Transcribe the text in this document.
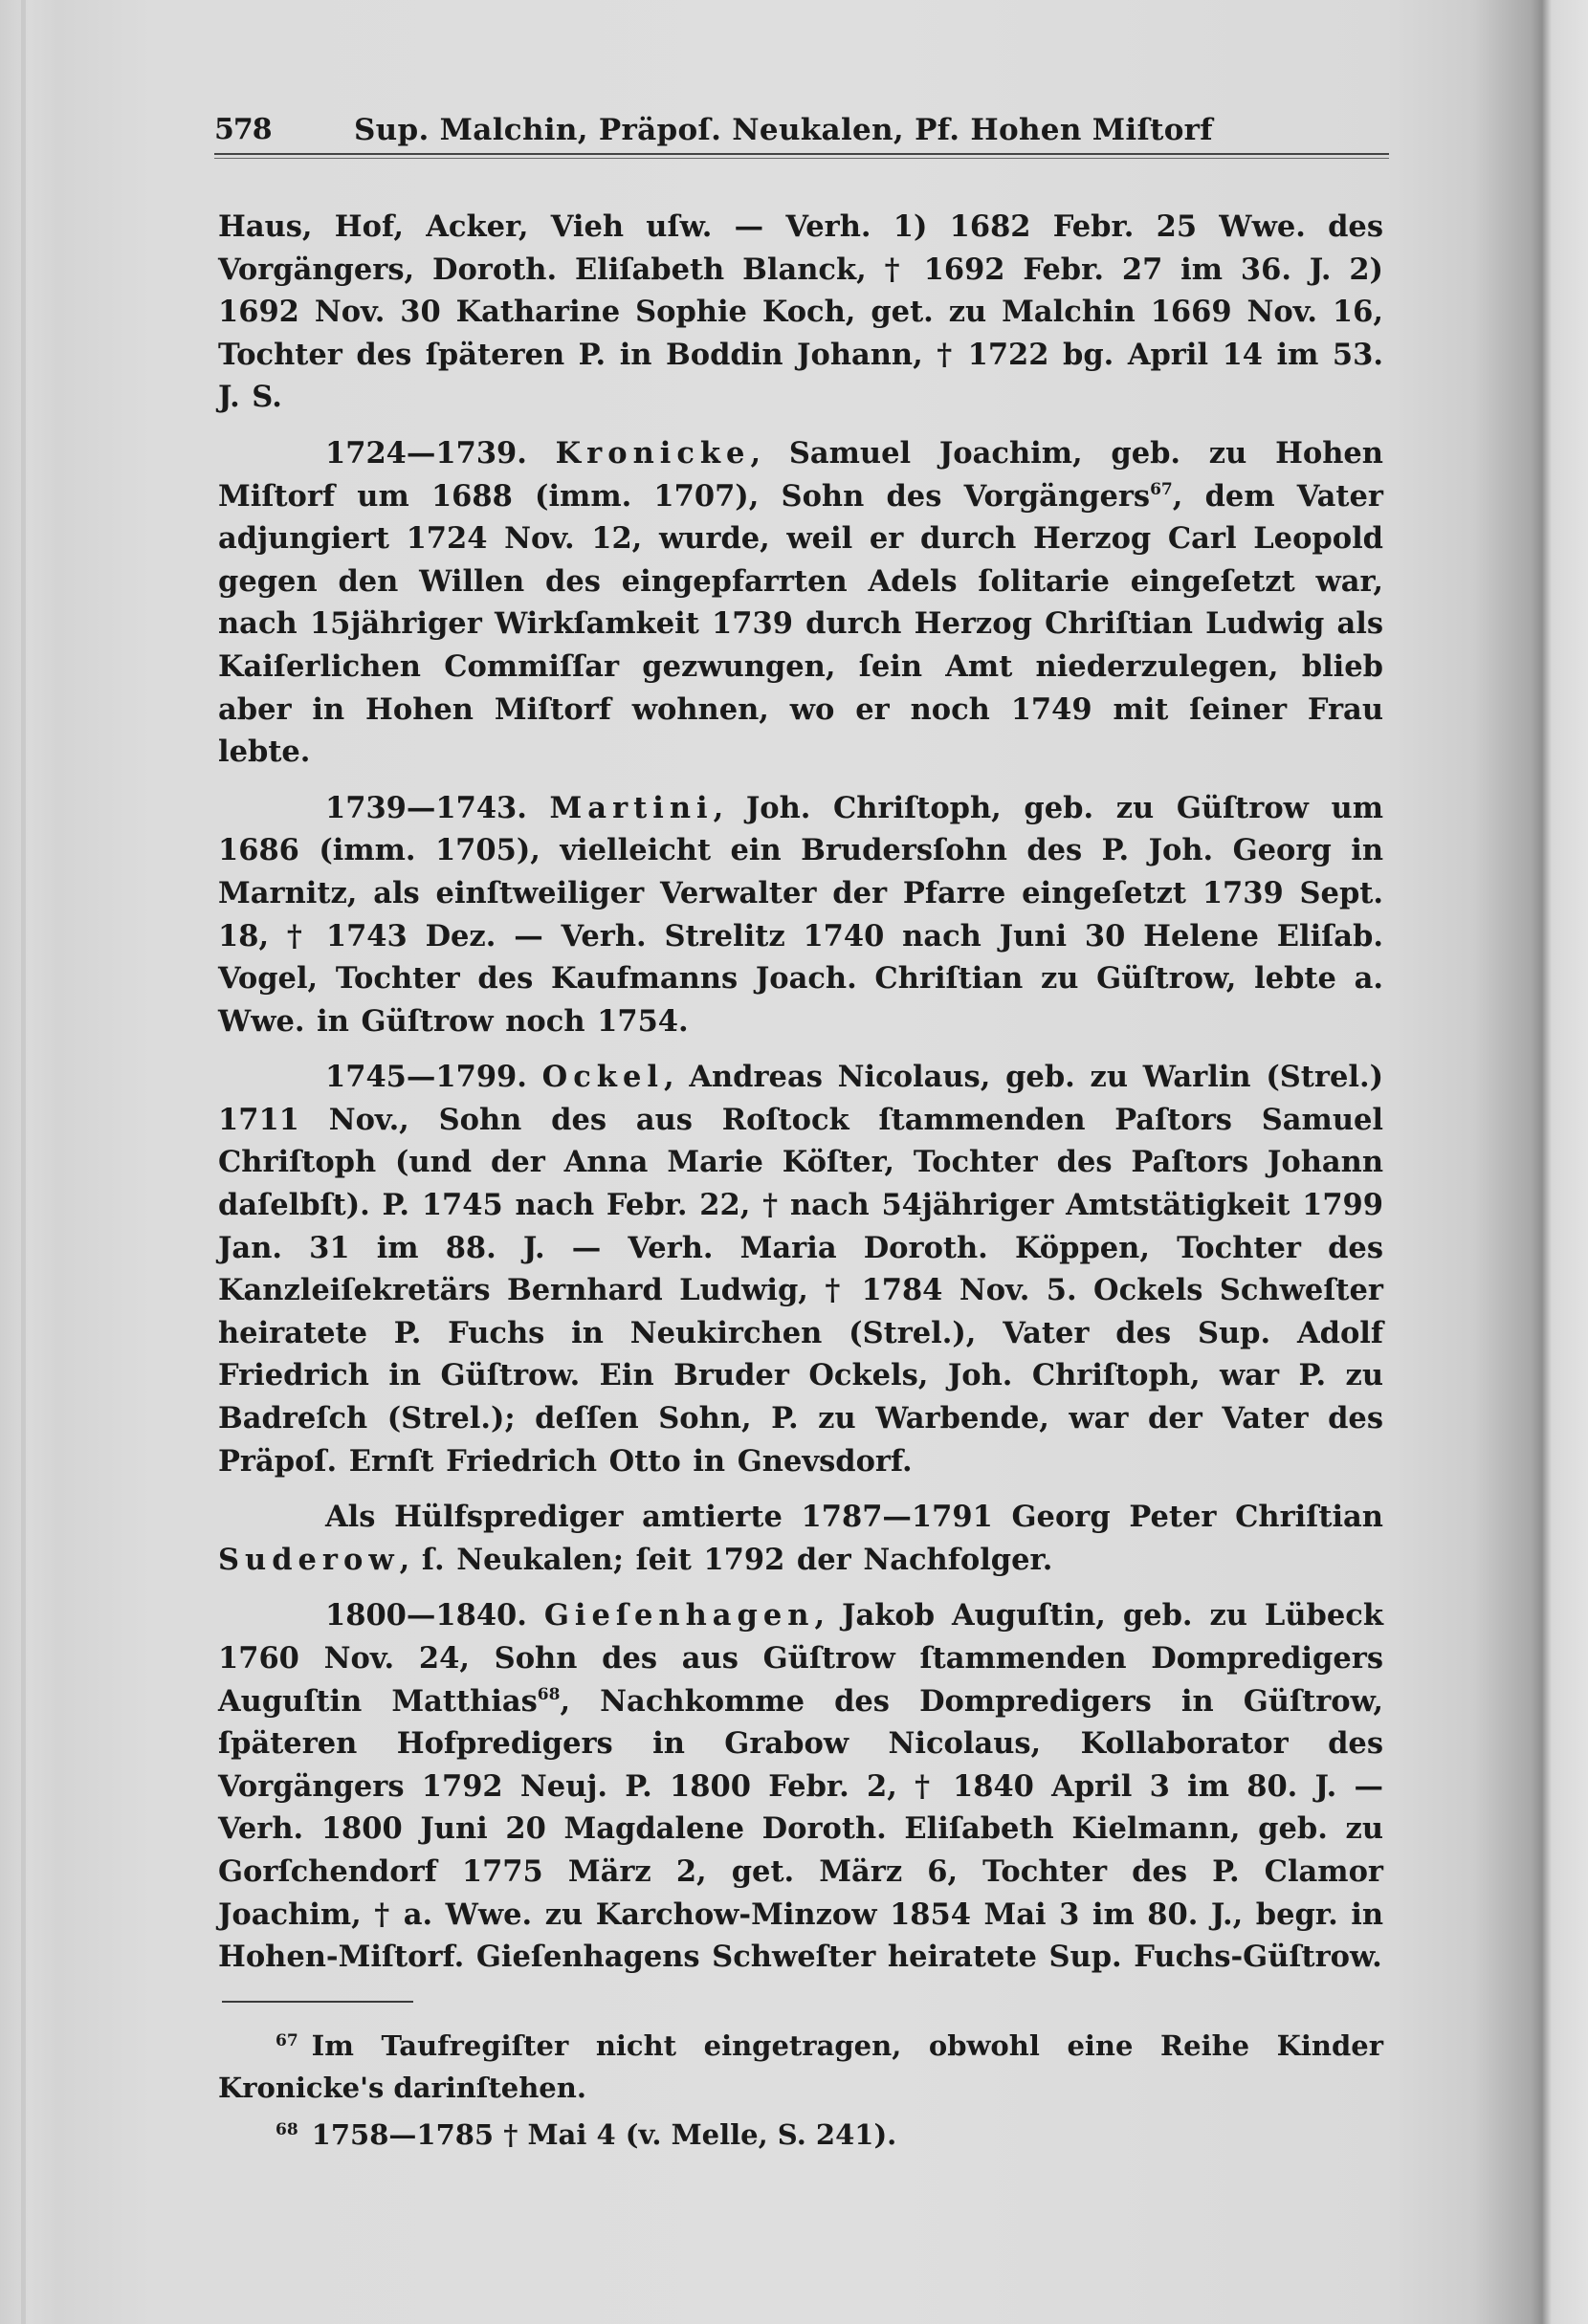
578	Sup. Malchin, Präpoſ. Neukalen, Pf. Hohen Miſtorf

Haus, Hof, Acker, Vieh uſw. — Verh. 1) 1682 Febr. 25 Wwe. des Vorgängers, Doroth. Eliſabeth Blanck, † 1692 Febr. 27 im 36. J. 2) 1692 Nov. 30 Katharine Sophie Koch, get. zu Malchin 1669 Nov. 16, Tochter des ſpäteren P. in Boddin Johann, † 1722 bg. April 14 im 53. J. S.

1724—1739. Kronicke, Samuel Joachim, geb. zu Hohen Miſtorf um 1688 (imm. 1707), Sohn des Vorgängers$^{67}$, dem Vater adjungiert 1724 Nov. 12, wurde, weil er durch Herzog Carl Leopold gegen den Willen des eingepfarrten Adels ſolitarie eingeſetzt war, nach 15jähriger Wirkſamkeit 1739 durch Herzog Chriſtian Ludwig als Kaiſerlichen Commiſſar gezwungen, ſein Amt niederzulegen, blieb aber in Hohen Miſtorf wohnen, wo er noch 1749 mit ſeiner Frau lebte.

1739—1743. Martini, Joh. Chriſtoph, geb. zu Güſtrow um 1686 (imm. 1705), vielleicht ein Brudersſohn des P. Joh. Georg in Marnitz, als einſtweiliger Verwalter der Pfarre eingeſetzt 1739 Sept. 18, † 1743 Dez. — Verh. Strelitz 1740 nach Juni 30 Helene Eliſab. Vogel, Tochter des Kaufmanns Joach. Chriſtian zu Güſtrow, lebte a. Wwe. in Güſtrow noch 1754.

1745—1799. Ockel, Andreas Nicolaus, geb. zu Warlin (Strel.) 1711 Nov., Sohn des aus Roſtock ſtammenden Paſtors Samuel Chriſtoph (und der Anna Marie Köſter, Tochter des Paſtors Johann daſelbſt). P. 1745 nach Febr. 22, † nach 54jähriger Amtstätigkeit 1799 Jan. 31 im 88. J. — Verh. Maria Doroth. Köppen, Tochter des Kanzleiſekretärs Bernhard Ludwig, † 1784 Nov. 5. Ockels Schweſter heiratete P. Fuchs in Neukirchen (Strel.), Vater des Sup. Adolf Friedrich in Güſtrow. Ein Bruder Ockels, Joh. Chriſtoph, war P. zu Badreſch (Strel.); deſſen Sohn, P. zu Warbende, war der Vater des Präpoſ. Ernſt Friedrich Otto in Gnevsdorf.

Als Hülfsprediger amtierte 1787—1791 Georg Peter Chriſtian Suderow, ſ. Neukalen; ſeit 1792 der Nachfolger.

1800—1840. Gieſenhagen, Jakob Auguſtin, geb. zu Lübeck 1760 Nov. 24, Sohn des aus Güſtrow ſtammenden Dompredigers Auguſtin Matthias$^{68}$, Nachkomme des Dompredigers in Güſtrow, ſpäteren Hofpredigers in Grabow Nicolaus, Kollaborator des Vorgängers 1792 Neuj. P. 1800 Febr. 2, † 1840 April 3 im 80. J. — Verh. 1800 Juni 20 Magdalene Doroth. Eliſabeth Kielmann, geb. zu Gorſchendorf 1775 März 2, get. März 6, Tochter des P. Clamor Joachim, † a. Wwe. zu Karchow-Minzow 1854 Mai 3 im 80. J., begr. in Hohen-Miſtorf. Gieſenhagens Schweſter heiratete Sup. Fuchs-Güſtrow.

$^{67}$ Im Taufregiſter nicht eingetragen, obwohl eine Reihe Kinder Kronicke's darinſtehen.

$^{68}$ 1758—1785 † Mai 4 (v. Melle, S. 241).
